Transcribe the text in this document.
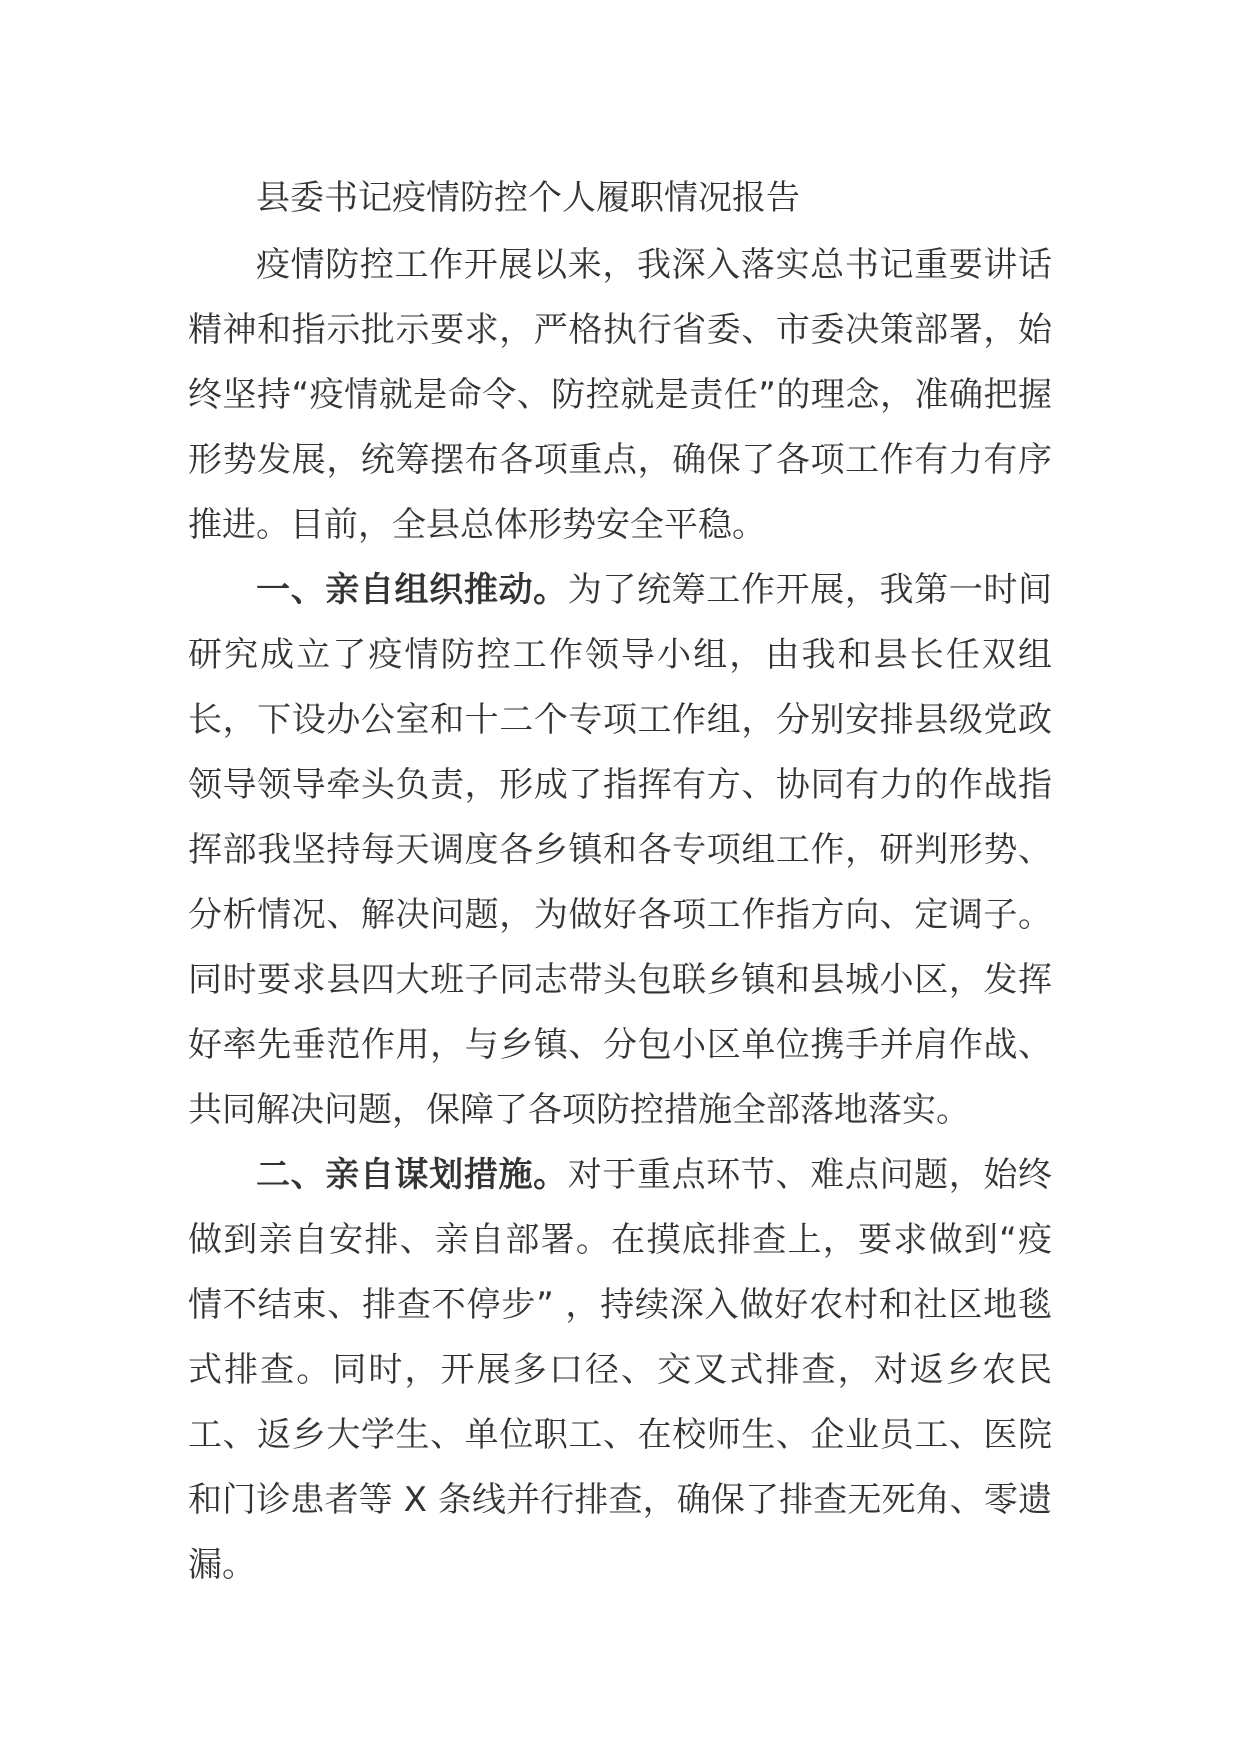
县委书记疫情防控个人履职情况报告

疫情防控工作开展以来，我深入落实总书记重要讲话精神和指示批示要求，严格执行省委、市委决策部署，始终坚持“疫情就是命令、防控就是责任”的理念，准确把握形势发展，统筹摆布各项重点，确保了各项工作有力有序推进。目前，全县总体形势安全平稳。

一、亲自组织推动。为了统筹工作开展，我第一时间研究成立了疫情防控工作领导小组，由我和县长任双组长，下设办公室和十二个专项工作组，分别安排县级党政领导领导牵头负责，形成了指挥有方、协同有力的作战指挥部我坚持每天调度各乡镇和各专项组工作，研判形势、分析情况、解决问题，为做好各项工作指方向、定调子。同时要求县四大班子同志带头包联乡镇和县城小区，发挥好率先垂范作用，与乡镇、分包小区单位携手并肩作战、共同解决问题，保障了各项防控措施全部落地落实。

二、亲自谋划措施。对于重点环节、难点问题，始终做到亲自安排、亲自部署。在摸底排查上，要求做到“疫情不结束、排查不停步” ，持续深入做好农村和社区地毯式排查。同时，开展多口径、交叉式排查，对返乡农民工、返乡大学生、单位职工、在校师生、企业员工、医院和门诊患者等 X 条线并行排查，确保了排查无死角、零遗漏。
